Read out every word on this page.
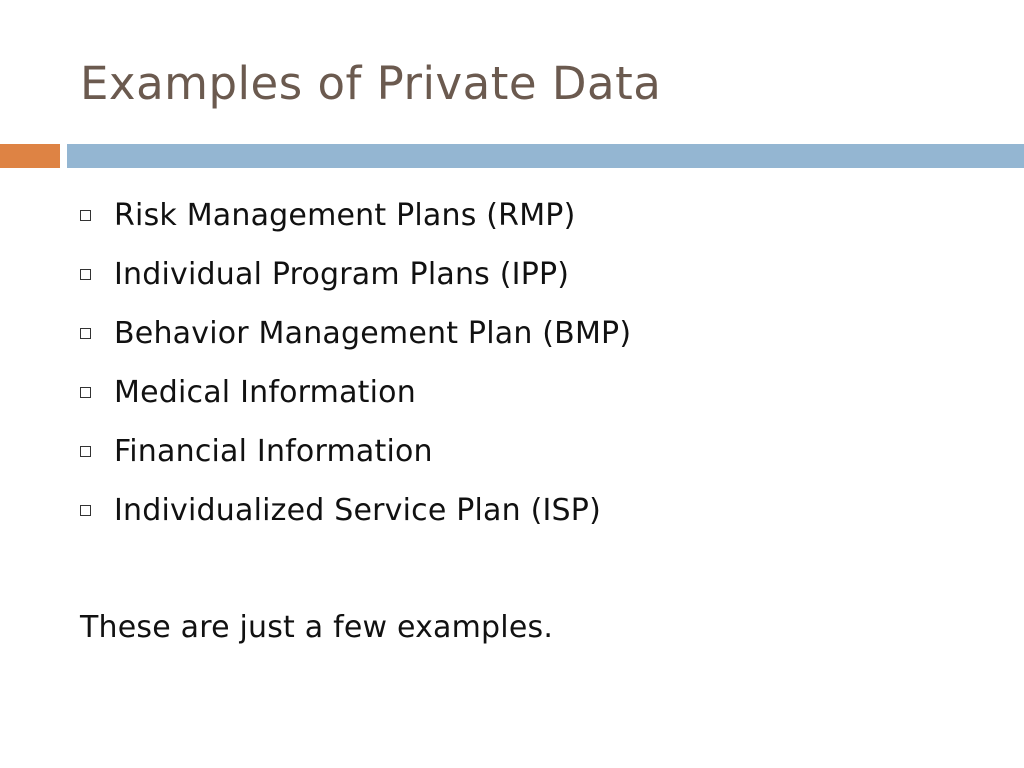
Examples of Private Data
Risk Management Plans (RMP)
Individual Program Plans (IPP)
Behavior Management Plan (BMP)
Medical Information
Financial Information
Individualized Service Plan (ISP)
These are just a few examples.
